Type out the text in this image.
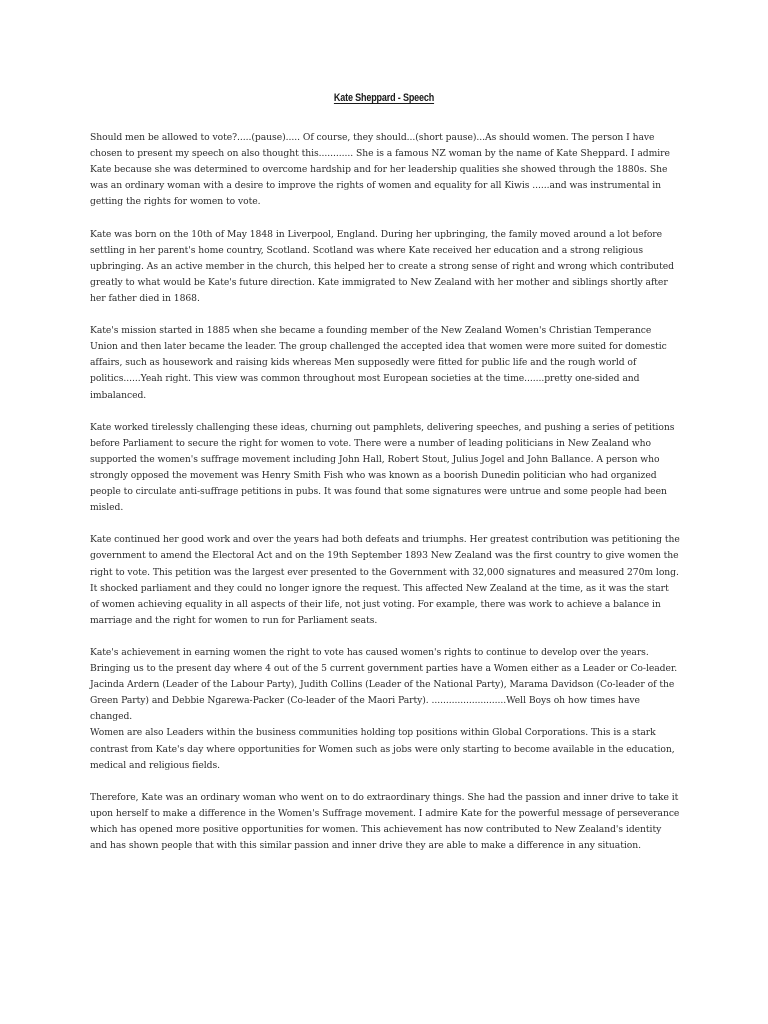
Kate Sheppard - Speech

Should men be allowed to vote?.....(pause)..... Of course, they should...(short pause)...As should women. The person I have chosen to present my speech on also thought this............ She is a famous NZ woman by the name of Kate Sheppard. I admire Kate because she was determined to overcome hardship and for her leadership qualities she showed through the 1880s. She was an ordinary woman with a desire to improve the rights of women and equality for all Kiwis ......and was instrumental in getting the rights for women to vote.

Kate was born on the 10th of May 1848 in Liverpool, England. During her upbringing, the family moved around a lot before settling in her parent's home country, Scotland. Scotland was where Kate received her education and a strong religious upbringing. As an active member in the church, this helped her to create a strong sense of right and wrong which contributed greatly to what would be Kate's future direction. Kate immigrated to New Zealand with her mother and siblings shortly after her father died in 1868.

Kate's mission started in 1885 when she became a founding member of the New Zealand Women's Christian Temperance Union and then later became the leader. The group challenged the accepted idea that women were more suited for domestic affairs, such as housework and raising kids whereas Men supposedly were fitted for public life and the rough world of politics......Yeah right. This view was common throughout most European societies at the time.......pretty one-sided and imbalanced.

Kate worked tirelessly challenging these ideas, churning out pamphlets, delivering speeches, and pushing a series of petitions before Parliament to secure the right for women to vote. There were a number of leading politicians in New Zealand who supported the women's suffrage movement including John Hall, Robert Stout, Julius Jogel and John Ballance. A person who strongly opposed the movement was Henry Smith Fish who was known as a boorish Dunedin politician who had organized people to circulate anti-suffrage petitions in pubs. It was found that some signatures were untrue and some people had been misled.

Kate continued her good work and over the years had both defeats and triumphs. Her greatest contribution was petitioning the government to amend the Electoral Act and on the 19th September 1893 New Zealand was the first country to give women the right to vote. This petition was the largest ever presented to the Government with 32,000 signatures and measured 270m long. It shocked parliament and they could no longer ignore the request. This affected New Zealand at the time, as it was the start of women achieving equality in all aspects of their life, not just voting. For example, there was work to achieve a balance in marriage and the right for women to run for Parliament seats.

Kate's achievement in earning women the right to vote has caused women's rights to continue to develop over the years. Bringing us to the present day where 4 out of the 5 current government parties have a Women either as a Leader or Co-leader. Jacinda Ardern (Leader of the Labour Party), Judith Collins (Leader of the National Party), Marama Davidson (Co-leader of the Green Party) and Debbie Ngarewa-Packer (Co-leader of the Maori Party). ..........................Well Boys oh how times have changed.

Women are also Leaders within the business communities holding top positions within Global Corporations. This is a stark contrast from Kate's day where opportunities for Women such as jobs were only starting to become available in the education, medical and religious fields.

Therefore, Kate was an ordinary woman who went on to do extraordinary things. She had the passion and inner drive to take it upon herself to make a difference in the Women's Suffrage movement. I admire Kate for the powerful message of perseverance which has opened more positive opportunities for women. This achievement has now contributed to New Zealand's identity and has shown people that with this similar passion and inner drive they are able to make a difference in any situation.
